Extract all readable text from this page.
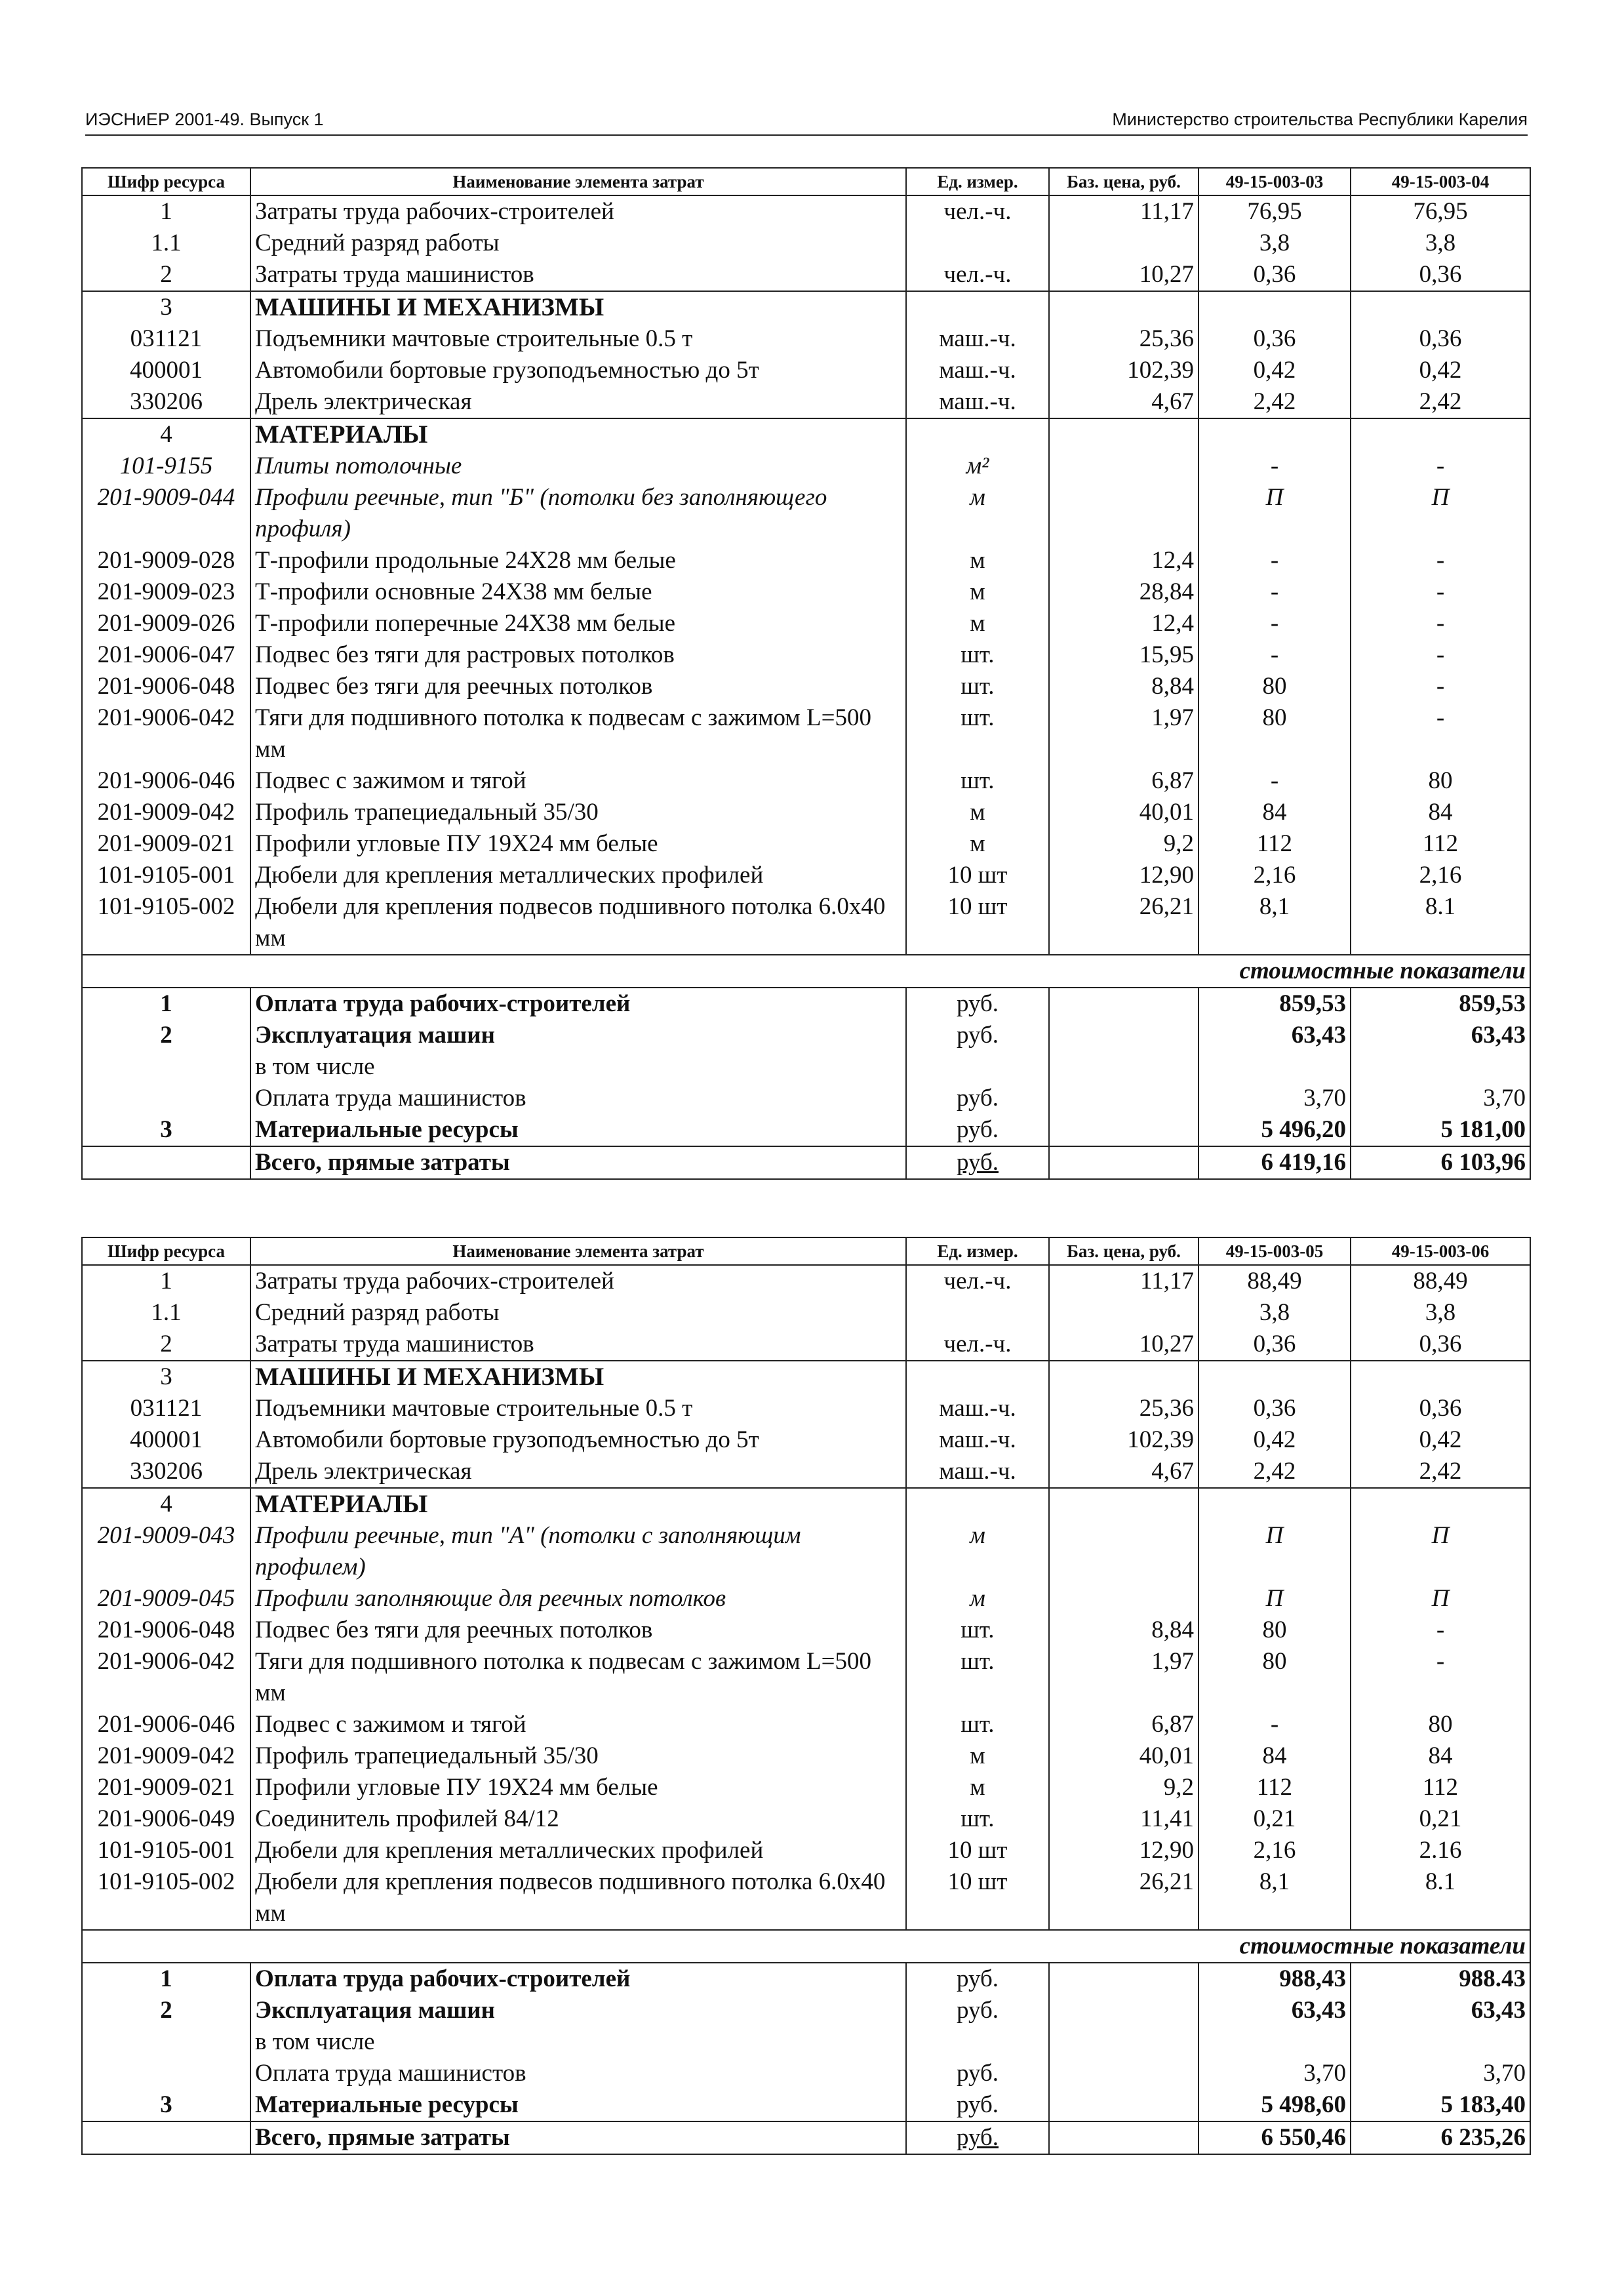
ИЭСНиЕР 2001-49. Выпуск 1	Министерство строительства Республики Карелия
Шифр ресурса	Наименование элемента затрат	Ед. измер.	Баз. цена, руб.	49-15-003-03	49-15-003-04
1	Затраты труда рабочих-строителей	чел.-ч.	11,17	76,95	76,95
1.1	Средний разряд работы			3,8	3,8
2	Затраты труда машинистов	чел.-ч.	10,27	0,36	0,36
3	МАШИНЫ И МЕХАНИЗМЫ				
031121	Подъемники мачтовые строительные 0.5 т	маш.-ч.	25,36	0,36	0,36
400001	Автомобили бортовые грузоподъемностью до 5т	маш.-ч.	102,39	0,42	0,42
330206	Дрель электрическая	маш.-ч.	4,67	2,42	2,42
4	МАТЕРИАЛЫ				
101-9155	Плиты потолочные	м²		-	-
201-9009-044	Профили реечные, тип "Б" (потолки без заполняющего профиля)	м		П	П
201-9009-028	Т-профили продольные 24Х28 мм белые	м	12,4	-	-
201-9009-023	Т-профили основные 24Х38 мм белые	м	28,84	-	-
201-9009-026	Т-профили поперечные 24Х38 мм белые	м	12,4	-	-
201-9006-047	Подвес без тяги для растровых потолков	шт.	15,95	-	-
201-9006-048	Подвес без тяги для реечных потолков	шт.	8,84	80	-
201-9006-042	Тяги для подшивного потолка к подвесам с зажимом L=500 мм	шт.	1,97	80	-
201-9006-046	Подвес с зажимом и тягой	шт.	6,87	-	80
201-9009-042	Профиль трапециедальный 35/30	м	40,01	84	84
201-9009-021	Профили угловые ПУ 19Х24 мм белые	м	9,2	112	112
101-9105-001	Дюбели для крепления металлических профилей	10 шт	12,90	2,16	2,16
101-9105-002	Дюбели для крепления подвесов подшивного потолка 6.0х40 мм	10 шт	26,21	8,1	8.1
стоимостные показатели					
1	Оплата труда рабочих-строителей	руб.		859,53	859,53
2	Эксплуатация машин	руб.		63,43	63,43
	в том числе				
	Оплата труда машинистов	руб.		3,70	3,70
3	Материальные ресурсы	руб.		5 496,20	5 181,00
	Всего, прямые затраты	руб.		6 419,16	6 103,96
Шифр ресурса	Наименование элемента затрат	Ед. измер.	Баз. цена, руб.	49-15-003-05	49-15-003-06
1	Затраты труда рабочих-строителей	чел.-ч.	11,17	88,49	88,49
1.1	Средний разряд работы			3,8	3,8
2	Затраты труда машинистов	чел.-ч.	10,27	0,36	0,36
3	МАШИНЫ И МЕХАНИЗМЫ				
031121	Подъемники мачтовые строительные 0.5 т	маш.-ч.	25,36	0,36	0,36
400001	Автомобили бортовые грузоподъемностью до 5т	маш.-ч.	102,39	0,42	0,42
330206	Дрель электрическая	маш.-ч.	4,67	2,42	2,42
4	МАТЕРИАЛЫ				
201-9009-043	Профили реечные, тип "А" (потолки с заполняющим профилем)	м		П	П
201-9009-045	Профили заполняющие для реечных потолков	м		П	П
201-9006-048	Подвес без тяги для реечных потолков	шт.	8,84	80	-
201-9006-042	Тяги для подшивного потолка к подвесам с зажимом L=500 мм	шт.	1,97	80	-
201-9006-046	Подвес с зажимом и тягой	шт.	6,87	-	80
201-9009-042	Профиль трапециедальный 35/30	м	40,01	84	84
201-9009-021	Профили угловые ПУ 19Х24 мм белые	м	9,2	112	112
201-9006-049	Соединитель профилей 84/12	шт.	11,41	0,21	0,21
101-9105-001	Дюбели для крепления металлических профилей	10 шт	12,90	2,16	2.16
101-9105-002	Дюбели для крепления подвесов подшивного потолка 6.0х40 мм	10 шт	26,21	8,1	8.1
стоимостные показатели					
1	Оплата труда рабочих-строителей	руб.		988,43	988.43
2	Эксплуатация машин	руб.		63,43	63,43
	в том числе				
	Оплата труда машинистов	руб.		3,70	3,70
3	Материальные ресурсы	руб.		5 498,60	5 183,40
	Всего, прямые затраты	руб.		6 550,46	6 235,26
